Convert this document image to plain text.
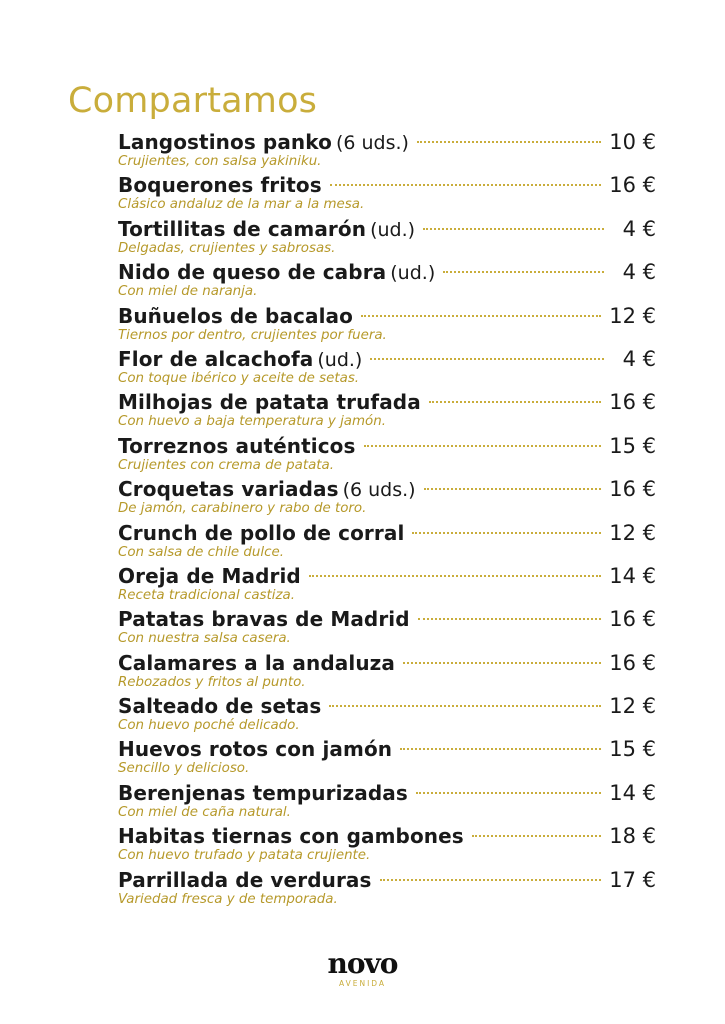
Compartamos
Langostinos panko (6 uds.)	10 €
Crujientes, con salsa yakiniku.
Boquerones fritos	16 €
Clásico andaluz de la mar a la mesa.
Tortillitas de camarón (ud.)	4 €
Delgadas, crujientes y sabrosas.
Nido de queso de cabra (ud.)	4 €
Con miel de naranja.
Buñuelos de bacalao	12 €
Tiernos por dentro, crujientes por fuera.
Flor de alcachofa (ud.)	4 €
Con toque ibérico y aceite de setas.
Milhojas de patata trufada	16 €
Con huevo a baja temperatura y jamón.
Torreznos auténticos	15 €
Crujientes con crema de patata.
Croquetas variadas (6 uds.)	16 €
De jamón, carabinero y rabo de toro.
Crunch de pollo de corral	12 €
Con salsa de chile dulce.
Oreja de Madrid	14 €
Receta tradicional castiza.
Patatas bravas de Madrid	16 €
Con nuestra salsa casera.
Calamares a la andaluza	16 €
Rebozados y fritos al punto.
Salteado de setas	12 €
Con huevo poché delicado.
Huevos rotos con jamón	15 €
Sencillo y delicioso.
Berenjenas tempurizadas	14 €
Con miel de caña natural.
Habitas tiernas con gambones	18 €
Con huevo trufado y patata crujiente.
Parrillada de verduras	17 €
Variedad fresca y de temporada.
novo
AVENIDA
